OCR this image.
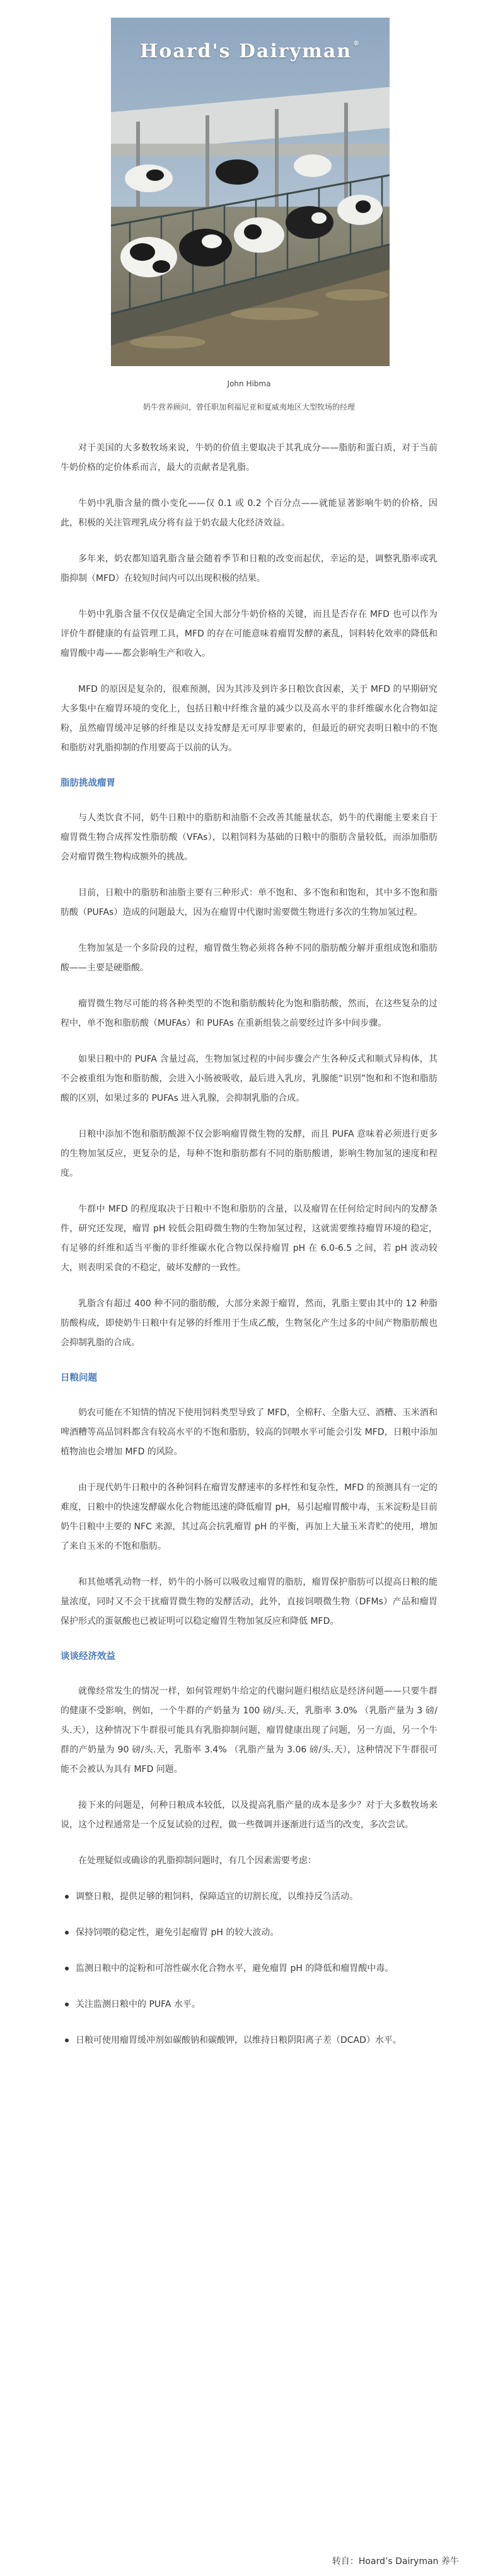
Hoard's Dairyman ®
John Hibma
奶牛营养顾问，曾任职加利福尼亚和夏威夷地区大型牧场的经理

对于美国的大多数牧场来说，牛奶的价值主要取决于其乳成分——脂肪和蛋白质，对于当前牛奶价格的定价体系而言，最大的贡献者是乳脂。

牛奶中乳脂含量的微小变化——仅 0.1 或 0.2 个百分点——就能显著影响牛奶的价格，因此，积极的关注管理乳成分将有益于奶农最大化经济效益。

多年来，奶农都知道乳脂含量会随着季节和日粮的改变而起伏，幸运的是，调整乳脂率或乳脂抑制（MFD）在较短时间内可以出现积极的结果。

牛奶中乳脂含量不仅仅是确定全国大部分牛奶价格的关键，而且是否存在 MFD 也可以作为评价牛群健康的有益管理工具，MFD 的存在可能意味着瘤胃发酵的紊乱，饲料转化效率的降低和瘤胃酸中毒——都会影响生产和收入。

MFD 的原因是复杂的，很难预测，因为其涉及到许多日粮饮食因素，关于 MFD 的早期研究大多集中在瘤胃环境的变化上，包括日粮中纤维含量的减少以及高水平的非纤维碳水化合物如淀粉，虽然瘤胃缓冲足够的纤维是以支持发酵是无可厚非要素的，但最近的研究表明日粮中的不饱和脂肪对乳脂抑制的作用要高于以前的认为。

脂肪挑战瘤胃

与人类饮食不同，奶牛日粮中的脂肪和油脂不会改善其能量状态，奶牛的代谢能主要来自于瘤胃微生物合成挥发性脂肪酸（VFAs），以粗饲料为基础的日粮中的脂肪含量较低，而添加脂肪会对瘤胃微生物构成额外的挑战。

目前，日粮中的脂肪和油脂主要有三种形式：单不饱和、多不饱和和饱和，其中多不饱和脂肪酸（PUFAs）造成的问题最大，因为在瘤胃中代谢时需要微生物进行多次的生物加氢过程。

生物加氢是一个多阶段的过程，瘤胃微生物必须将各种不同的脂肪酸分解并重组成饱和脂肪酸——主要是硬脂酸。

瘤胃微生物尽可能的将各种类型的不饱和脂肪酸转化为饱和脂肪酸，然而，在这些复杂的过程中，单不饱和脂肪酸（MUFAs）和 PUFAs 在重新组装之前要经过许多中间步骤。

如果日粮中的 PUFA 含量过高，生物加氢过程的中间步骤会产生各种反式和顺式异构体，其不会被重组为饱和脂肪酸，会进入小肠被吸收，最后进入乳房，乳腺能“识别”饱和和不饱和脂肪酸的区别，如果过多的 PUFAs 进入乳腺，会抑制乳脂的合成。

日粮中添加不饱和脂肪酸源不仅会影响瘤胃微生物的发酵，而且 PUFA 意味着必须进行更多的生物加氢反应，更复杂的是，每种不饱和脂肪都有不同的脂肪酸谱，影响生物加氢的速度和程度。

牛群中 MFD 的程度取决于日粮中不饱和脂肪的含量，以及瘤胃在任何给定时间内的发酵条件，研究还发现，瘤胃 pH 较低会阻碍微生物的生物加氢过程，这就需要维持瘤胃环境的稳定，有足够的纤维和适当平衡的非纤维碳水化合物以保持瘤胃 pH 在 6.0-6.5 之间，若 pH 波动较大，则表明采食的不稳定，破坏发酵的一致性。

乳脂含有超过 400 种不同的脂肪酸，大部分来源于瘤胃，然而，乳脂主要由其中的 12 种脂肪酸构成，即使奶牛日粮中有足够的纤维用于生成乙酸，生物氢化产生过多的中间产物脂肪酸也会抑制乳脂的合成。

日粮问题

奶农可能在不知情的情况下使用饲料类型导致了 MFD，全棉籽、全脂大豆、酒糟、玉米酒和啤酒糟等高品饲料都含有较高水平的不饱和脂肪，较高的饲喂水平可能会引发 MFD，日粮中添加植物油也会增加 MFD 的风险。

由于现代奶牛日粮中的各种饲料在瘤胃发酵速率的多样性和复杂性，MFD 的预测具有一定的难度，日粮中的快速发酵碳水化合物能迅速的降低瘤胃 pH，易引起瘤胃酸中毒，玉米淀粉是目前奶牛日粮中主要的 NFC 来源，其过高会抗乳瘤胃 pH 的平衡，再加上大量玉米青贮的使用，增加了来自玉米的不饱和脂肪。

和其他嗜乳动物一样，奶牛的小肠可以吸收过瘤胃的脂肪，瘤胃保护脂肪可以提高日粮的能量浓度，同时又不会干扰瘤胃微生物的发酵活动，此外，直接饲喂微生物（DFMs）产品和瘤胃保护形式的蛋氨酸也已被证明可以稳定瘤胃生物加氢反应和降低 MFD。

谈谈经济效益

就像经常发生的情况一样，如何管理奶牛给定的代谢问题归根结底是经济问题——只要牛群的健康不受影响，例如，一个牛群的产奶量为 100 磅/头.天，乳脂率 3.0% （乳脂产量为 3 磅/头.天），这种情况下牛群很可能具有乳脂抑制问题，瘤胃健康出现了问题，另一方面，另一个牛群的产奶量为 90 磅/头.天，乳脂率 3.4% （乳脂产量为 3.06 磅/头.天），这种情况下牛群很可能不会被认为具有 MFD 问题。

接下来的问题是，何种日粮成本较低，以及提高乳脂产量的成本是多少？对于大多数牧场来说，这个过程通常是一个反复试验的过程，做一些微调并逐渐进行适当的改变，多次尝试。

在处理疑似或确诊的乳脂抑制问题时，有几个因素需要考虑：

调整日粮，提供足够的粗饲料，保障适宜的切割长度，以维持反刍活动。

保持饲喂的稳定性，避免引起瘤胃 pH 的较大波动。

监测日粮中的淀粉和可溶性碳水化合物水平，避免瘤胃 pH 的降低和瘤胃酸中毒。

关注监测日粮中的 PUFA 水平。

日粮可使用瘤胃缓冲剂如碳酸钠和碳酸钾，以维持日粮阴阳离子差（DCAD）水平。

转自：Hoard’s Dairyman 养牛
